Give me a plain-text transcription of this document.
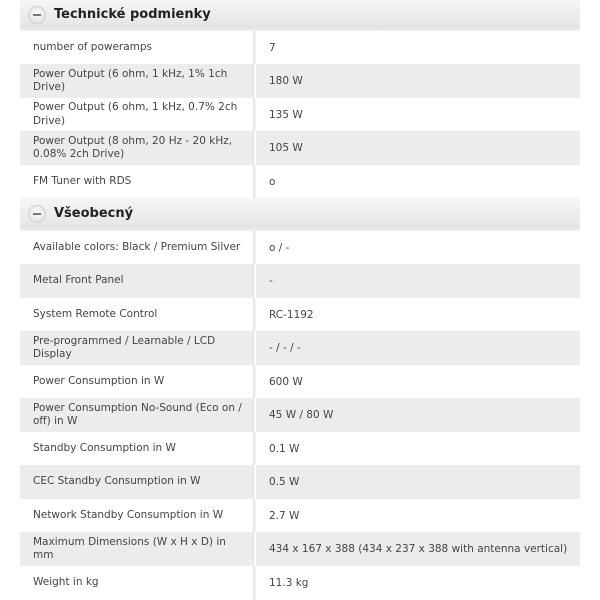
Technické podmienky
number of poweramps	7
Power Output (6 ohm, 1 kHz, 1% 1ch Drive)	180 W
Power Output (6 ohm, 1 kHz, 0.7% 2ch Drive)	135 W
Power Output (8 ohm, 20 Hz - 20 kHz, 0.08% 2ch Drive)	105 W
FM Tuner with RDS	o
Všeobecný
Available colors: Black / Premium Silver	o / -
Metal Front Panel	-
System Remote Control	RC-1192
Pre-programmed / Learnable / LCD Display	- / - / -
Power Consumption in W	600 W
Power Consumption No-Sound (Eco on / off) in W	45 W / 80 W
Standby Consumption in W	0.1 W
CEC Standby Consumption in W	0.5 W
Network Standby Consumption in W	2.7 W
Maximum Dimensions (W x H x D) in mm	434 x 167 x 388 (434 x 237 x 388 with antenna vertical)
Weight in kg	11.3 kg
